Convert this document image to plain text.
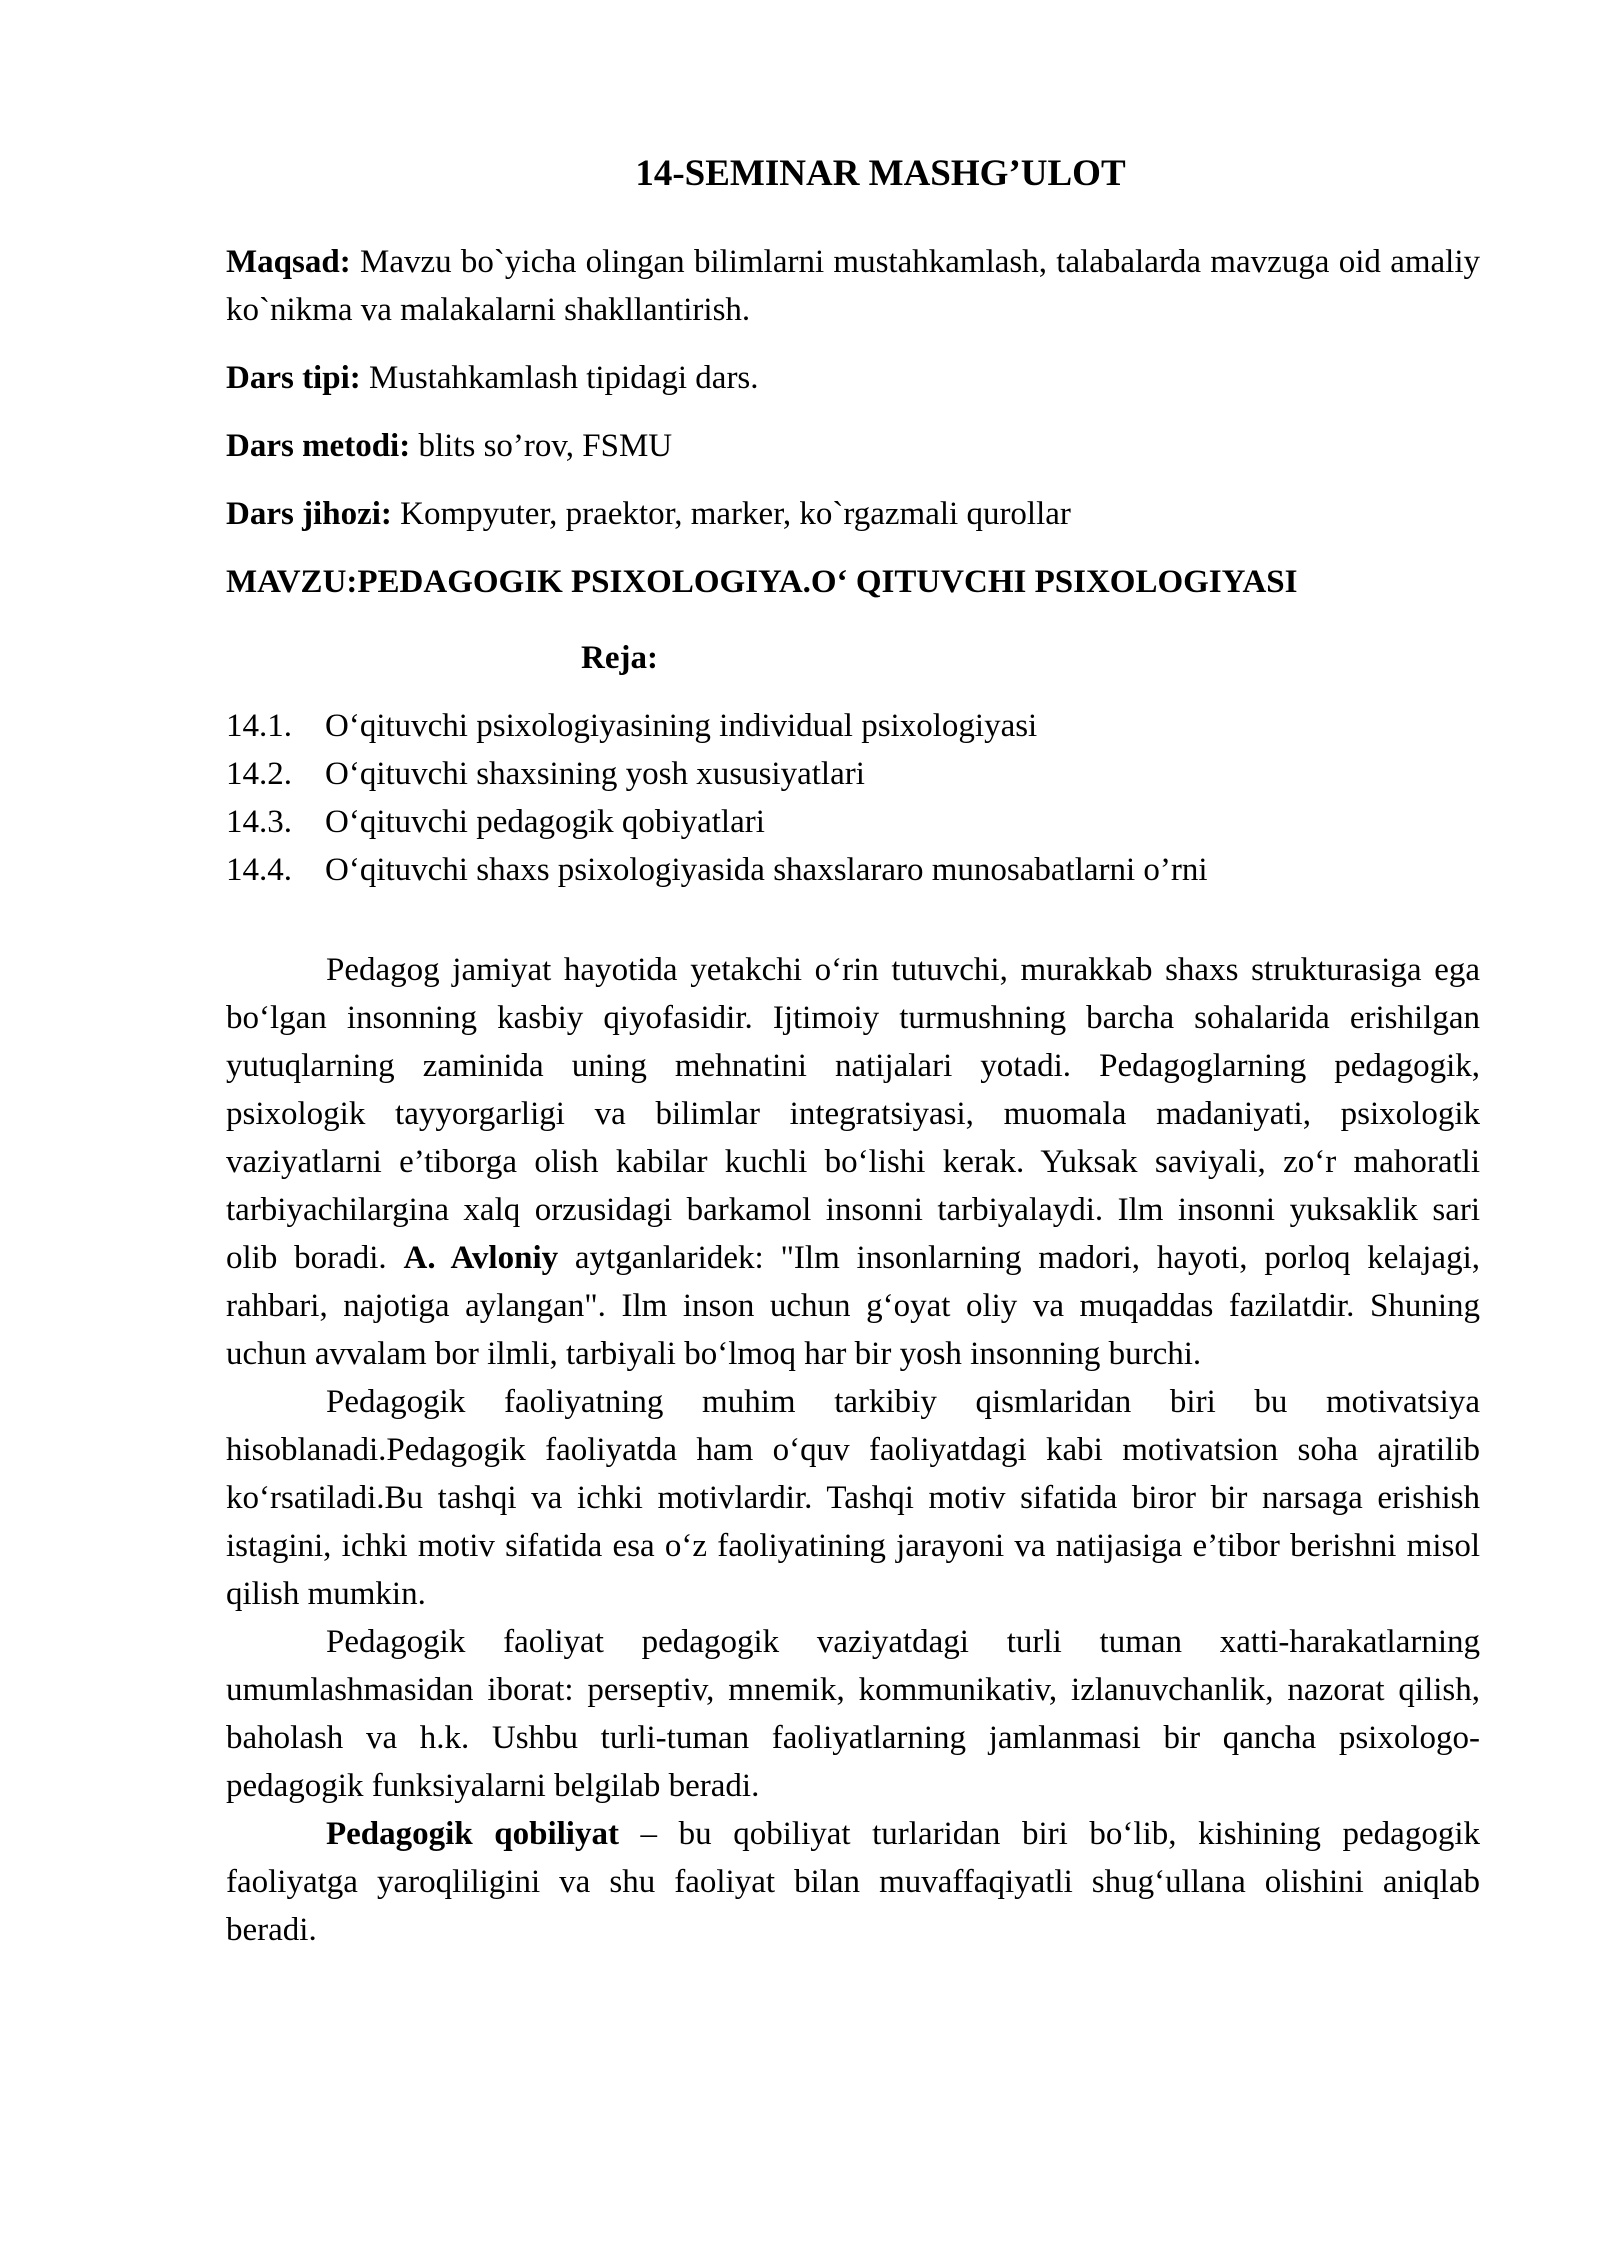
14-SEMINAR MASHG’ULOT

Maqsad: Mavzu bo`yicha olingan bilimlarni mustahkamlash, talabalarda mavzuga oid amaliy ko`nikma va malakalarni shakllantirish.

Dars tipi: Mustahkamlash tipidagi dars.

Dars metodi: blits so’rov, FSMU

Dars jihozi: Kompyuter, praektor, marker, ko`rgazmali qurollar

MAVZU:PEDAGOGIK PSIXOLOGIYA.Oʻ QITUVCHI PSIXOLOGIYASI

Reja:

14.1.	Oʻqituvchi psixologiyasining individual psixologiyasi
14.2.	Oʻqituvchi shaxsining yosh xususiyatlari
14.3.	Oʻqituvchi pedagogik qobiyatlari
14.4.	Oʻqituvchi shaxs psixologiyasida shaxslararo munosabatlarni o’rni

Pedagog jamiyat hayotida yetakchi oʻrin tutuvchi, murakkab shaxs strukturasiga ega boʻlgan insonning kasbiy qiyofasidir. Ijtimoiy turmushning barcha sohalarida erishilgan yutuqlarning zaminida uning mehnatini natijalari yotadi. Pedagoglarning pedagogik, psixologik tayyorgarligi va bilimlar integratsiyasi, muomala madaniyati, psixologik vaziyatlarni e’tiborga olish kabilar kuchli boʻlishi kerak. Yuksak saviyali, zoʻr mahoratli tarbiyachilargina xalq orzusidagi barkamol insonni tarbiyalaydi. Ilm insonni yuksaklik sari olib boradi. A. Avloniy aytganlaridek: "Ilm insonlarning madori, hayoti, porloq kelajagi, rahbari, najotiga aylangan". Ilm inson uchun gʻoyat oliy va muqaddas fazilatdir. Shuning uchun avvalam bor ilmli, tarbiyali boʻlmoq har bir yosh insonning burchi.

Pedagogik faoliyatning muhim tarkibiy qismlaridan biri bu motivatsiya hisoblanadi.Pedagogik faoliyatda ham oʻquv faoliyatdagi kabi motivatsion soha ajratilib koʻrsatiladi.Bu tashqi va ichki motivlardir. Tashqi motiv sifatida biror bir narsaga erishish istagini, ichki motiv sifatida esa oʻz faoliyatining jarayoni va natijasiga e’tibor berishni misol qilish mumkin.

Pedagogik faoliyat pedagogik vaziyatdagi turli tuman xatti-harakatlarning umumlashmasidan iborat: perseptiv, mnemik, kommunikativ, izlanuvchanlik, nazorat qilish, baholash va h.k. Ushbu turli-tuman faoliyatlarning jamlanmasi bir qancha psixologo-pedagogik funksiyalarni belgilab beradi.

Pedagogik qobiliyat – bu qobiliyat turlaridan biri boʻlib, kishining pedagogik faoliyatga yaroqliligini va shu faoliyat bilan muvaffaqiyatli shugʻullana olishini aniqlab beradi.
